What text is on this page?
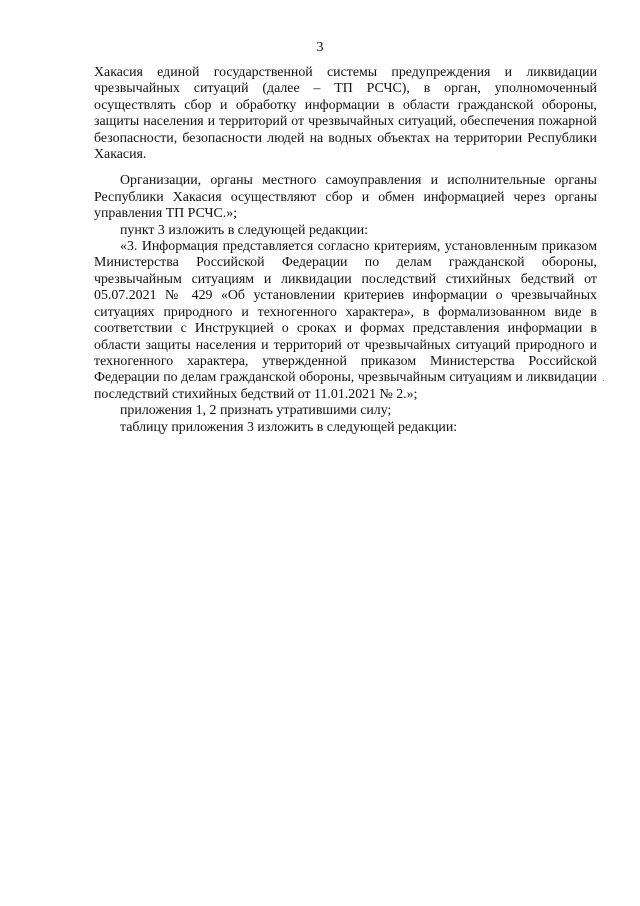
3

Хакасия единой государственной системы предупреждения и ликвидации чрезвычайных ситуаций (далее – ТП РСЧС), в орган, уполномоченный осуществлять сбор и обработку информации в области гражданской обороны, защиты населения и территорий от чрезвычайных ситуаций, обеспечения пожарной безопасности, безопасности людей на водных объектах на территории Республики Хакасия.

Организации, органы местного самоуправления и исполнительные органы Республики Хакасия осуществляют сбор и обмен информацией через органы управления ТП РСЧС.»;

пункт 3 изложить в следующей редакции:

«3. Информация представляется согласно критериям, установленным приказом Министерства Российской Федерации по делам гражданской обороны, чрезвычайным ситуациям и ликвидации последствий стихийных бедствий от 05.07.2021 № 429 «Об установлении критериев информации о чрезвычайных ситуациях природного и техногенного характера», в формализованном виде в соответствии с Инструкцией о сроках и формах представления информации в области защиты населения и территорий от чрезвычайных ситуаций природного и техногенного характера, утвержденной приказом Министерства Российской Федерации по делам гражданской обороны, чрезвычайным ситуациям и ликвидации последствий стихийных бедствий от 11.01.2021 № 2.»;

приложения 1, 2 признать утратившими силу;

таблицу приложения 3 изложить в следующей редакции:
